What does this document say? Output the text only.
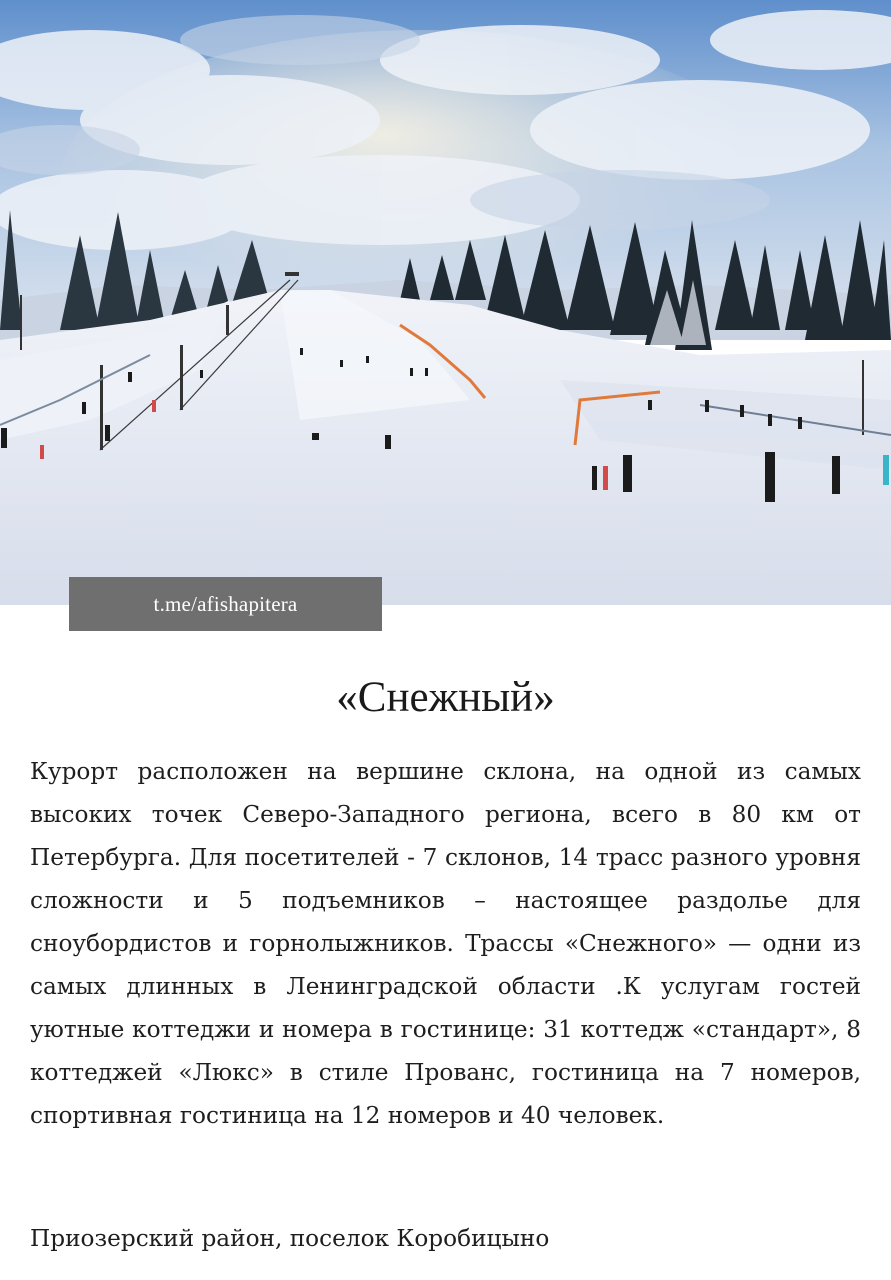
t.me/afishapitera
«Снежный»

Курорт расположен на вершине склона, на одной из самых высоких точек Северо-Западного региона, всего в 80 км от Петербурга. Для посетителей - 7 склонов, 14 трасс разного уровня сложности и 5 подъемников – настоящее раздолье для сноубордистов и горнолыжников. Трассы «Снежного» — одни из самых длинных в Ленинградской области .К услугам гостей уютные коттеджи и номера в гостинице: 31 коттедж «стандарт», 8 коттеджей «Люкс» в стиле Прованс, гостиница на 7 номеров, спортивная гостиница на 12 номеров и 40 человек.

Приозерский район, поселок Коробицыно
